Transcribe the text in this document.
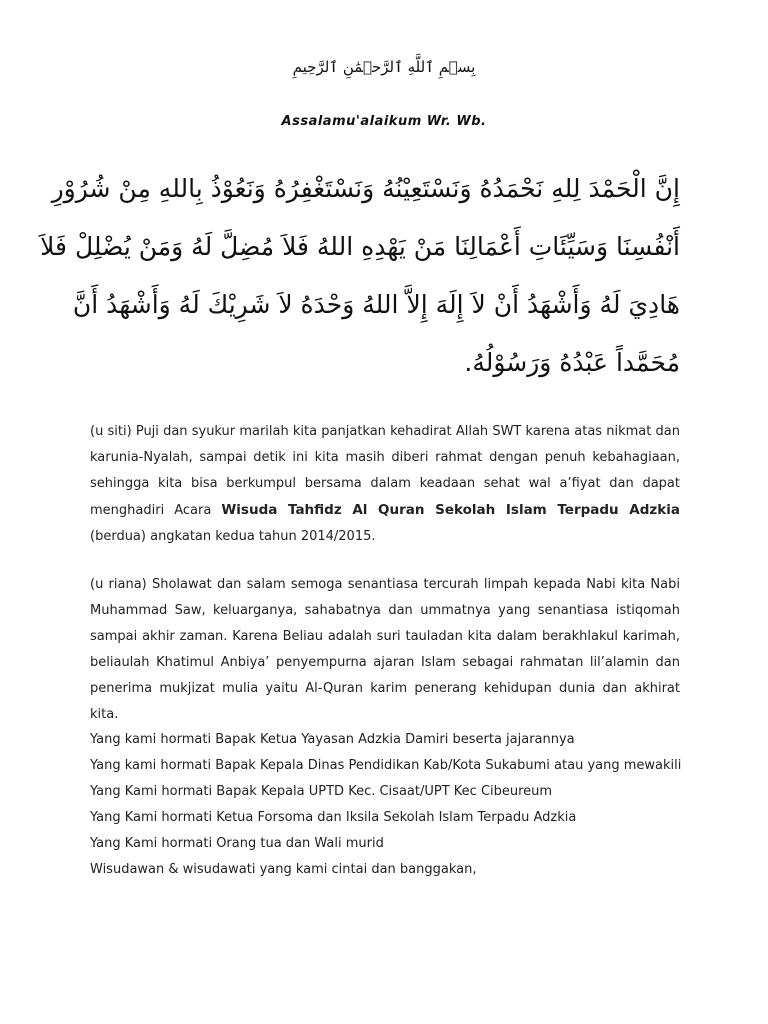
بِسۡمِ ٱللَّهِ ٱلرَّحۡمَٰنِ ٱلرَّحِيمِ
Assalamu'alaikum Wr. Wb.
إِنَّ الْحَمْدَ لِلهِ نَحْمَدُهُ وَنَسْتَعِيْنُهُ وَنَسْتَغْفِرُهُ وَنَعُوْذُ بِاللهِ مِنْ شُرُوْرِ
أَنْفُسِنَا وَسَيِّئَاتِ أَعْمَالِنَا مَنْ يَهْدِهِ اللهُ فَلاَ مُضِلَّ لَهُ وَمَنْ يُضْلِلْ فَلاَ
هَادِيَ لَهُ وَأَشْهَدُ أَنْ لاَ إِلَهَ إِلاَّ اللهُ وَحْدَهُ لاَ شَرِيْكَ لَهُ وَأَشْهَدُ أَنَّ
مُحَمَّداً عَبْدُهُ وَرَسُوْلُهُ.
(u siti) Puji dan syukur marilah kita panjatkan kehadirat Allah SWT karena atas nikmat dan karunia-Nyalah, sampai detik ini kita masih diberi rahmat dengan penuh kebahagiaan, sehingga kita bisa berkumpul bersama dalam keadaan sehat wal a’fiyat dan dapat menghadiri Acara Wisuda Tahfidz Al Quran Sekolah Islam Terpadu Adzkia (berdua) angkatan kedua tahun 2014/2015.
(u riana) Sholawat dan salam semoga senantiasa tercurah limpah kepada Nabi kita Nabi Muhammad Saw, keluarganya, sahabatnya dan ummatnya yang senantiasa istiqomah sampai akhir zaman. Karena Beliau adalah suri tauladan kita dalam berakhlakul karimah, beliaulah Khatimul Anbiya’ penyempurna ajaran Islam sebagai rahmatan lil’alamin dan penerima mukjizat mulia yaitu Al-Quran karim penerang kehidupan dunia dan akhirat kita.
Yang kami hormati Bapak Ketua Yayasan Adzkia Damiri beserta jajarannya
Yang kami hormati Bapak Kepala Dinas Pendidikan Kab/Kota Sukabumi atau yang mewakili
Yang Kami hormati Bapak Kepala UPTD Kec. Cisaat/UPT Kec Cibeureum
Yang Kami hormati Ketua Forsoma dan Iksila Sekolah Islam Terpadu Adzkia
Yang Kami hormati Orang tua dan Wali murid
Wisudawan & wisudawati yang kami cintai dan banggakan,
